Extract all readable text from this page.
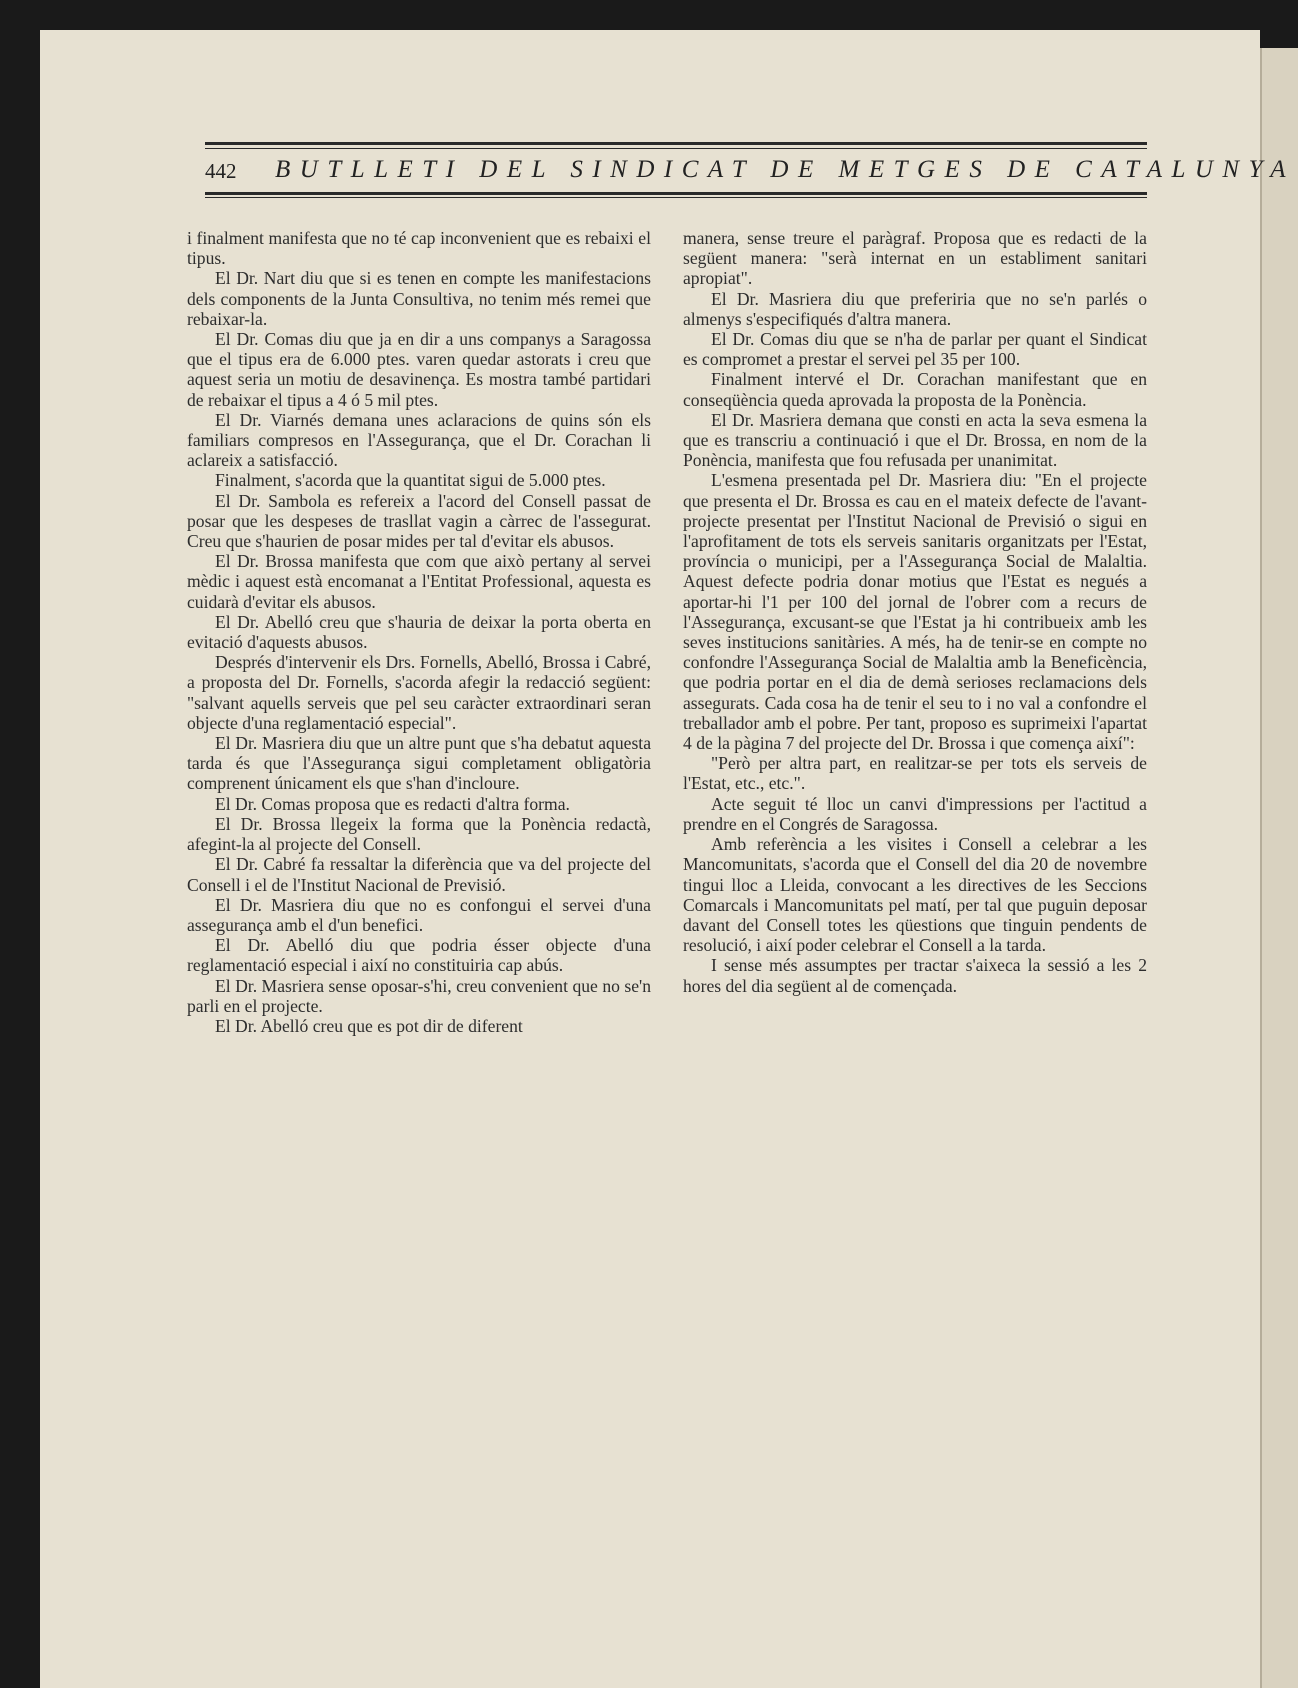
442 BUTLLETI DEL SINDICAT DE METGES DE CATALUNYA

i finalment manifesta que no té cap inconvenient que es rebaixi el tipus.

El Dr. Nart diu que si es tenen en compte les manifestacions dels components de la Junta Consultiva, no tenim més remei que rebaixar-la.

El Dr. Comas diu que ja en dir a uns companys a Saragossa que el tipus era de 6.000 ptes. varen quedar astorats i creu que aquest seria un motiu de desavinença. Es mostra també partidari de rebaixar el tipus a 4 ó 5 mil ptes.

El Dr. Viarnés demana unes aclaracions de quins són els familiars compresos en l'Assegurança, que el Dr. Corachan li aclareix a satisfacció.

Finalment, s'acorda que la quantitat sigui de 5.000 ptes.

El Dr. Sambola es refereix a l'acord del Consell passat de posar que les despeses de trasllat vagin a càrrec de l'assegurat. Creu que s'haurien de posar mides per tal d'evitar els abusos.

El Dr. Brossa manifesta que com que això pertany al servei mèdic i aquest està encomanat a l'Entitat Professional, aquesta es cuidarà d'evitar els abusos.

El Dr. Abelló creu que s'hauria de deixar la porta oberta en evitació d'aquests abusos.

Després d'intervenir els Drs. Fornells, Abelló, Brossa i Cabré, a proposta del Dr. Fornells, s'acorda afegir la redacció següent: "salvant aquells serveis que pel seu caràcter extraordinari seran objecte d'una reglamentació especial".

El Dr. Masriera diu que un altre punt que s'ha debatut aquesta tarda és que l'Assegurança sigui completament obligatòria comprenent únicament els que s'han d'incloure.

El Dr. Comas proposa que es redacti d'altra forma.

El Dr. Brossa llegeix la forma que la Ponència redactà, afegint-la al projecte del Consell.

El Dr. Cabré fa ressaltar la diferència que va del projecte del Consell i el de l'Institut Nacional de Previsió.

El Dr. Masriera diu que no es confongui el servei d'una assegurança amb el d'un benefici.

El Dr. Abelló diu que podria ésser objecte d'una reglamentació especial i així no constituiria cap abús.

El Dr. Masriera sense oposar-s'hi, creu convenient que no se'n parli en el projecte.

El Dr. Abelló creu que es pot dir de diferent

manera, sense treure el paràgraf. Proposa que es redacti de la següent manera: "serà internat en un establiment sanitari apropiat".

El Dr. Masriera diu que preferiria que no se'n parlés o almenys s'especifiqués d'altra manera.

El Dr. Comas diu que se n'ha de parlar per quant el Sindicat es compromet a prestar el servei pel 35 per 100.

Finalment intervé el Dr. Corachan manifestant que en conseqüència queda aprovada la proposta de la Ponència.

El Dr. Masriera demana que consti en acta la seva esmena la que es transcriu a continuació i que el Dr. Brossa, en nom de la Ponència, manifesta que fou refusada per unanimitat.

L'esmena presentada pel Dr. Masriera diu: "En el projecte que presenta el Dr. Brossa es cau en el mateix defecte de l'avant-projecte presentat per l'Institut Nacional de Previsió o sigui en l'aprofitament de tots els serveis sanitaris organitzats per l'Estat, província o municipi, per a l'Assegurança Social de Malaltia. Aquest defecte podria donar motius que l'Estat es negués a aportar-hi l'1 per 100 del jornal de l'obrer com a recurs de l'Assegurança, excusant-se que l'Estat ja hi contribueix amb les seves institucions sanitàries. A més, ha de tenir-se en compte no confondre l'Assegurança Social de Malaltia amb la Beneficència, que podria portar en el dia de demà serioses reclamacions dels assegurats. Cada cosa ha de tenir el seu to i no val a confondre el treballador amb el pobre. Per tant, proposo es suprimeixi l'apartat 4 de la pàgina 7 del projecte del Dr. Brossa i que comença així":

"Però per altra part, en realitzar-se per tots els serveis de l'Estat, etc., etc.".

Acte seguit té lloc un canvi d'impressions per l'actitud a prendre en el Congrés de Saragossa.

Amb referència a les visites i Consell a celebrar a les Mancomunitats, s'acorda que el Consell del dia 20 de novembre tingui lloc a Lleida, convocant a les directives de les Seccions Comarcals i Mancomunitats pel matí, per tal que puguin deposar davant del Consell totes les qüestions que tinguin pendents de resolució, i així poder celebrar el Consell a la tarda.

I sense més assumptes per tractar s'aixeca la sessió a les 2 hores del dia següent al de començada.
